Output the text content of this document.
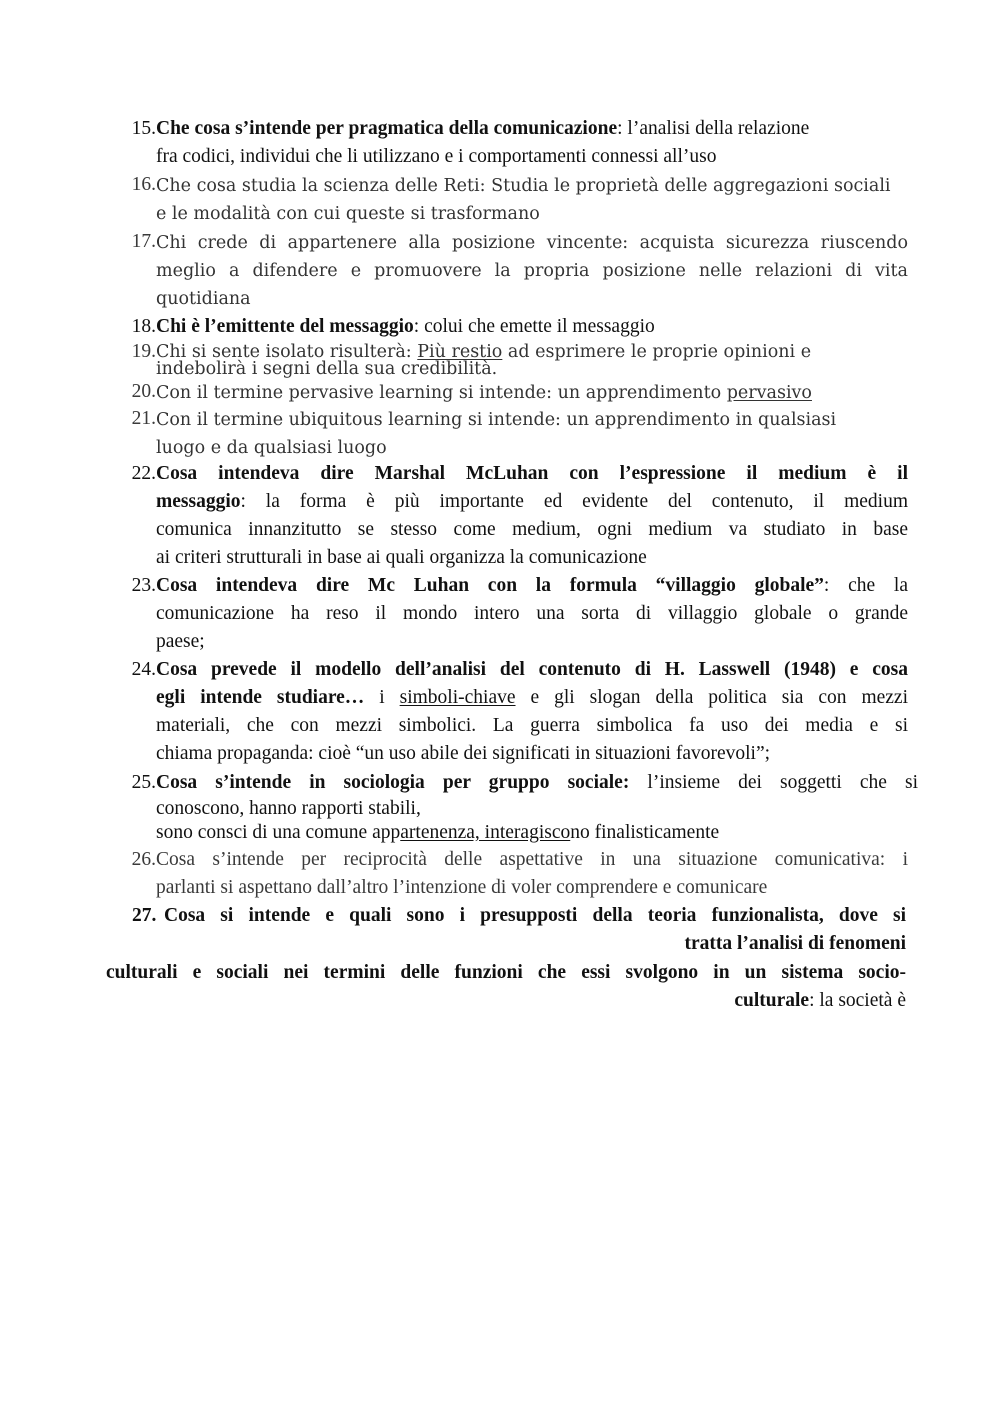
15. Che cosa s’intende per pragmatica della comunicazione: l’analisi della relazione
fra codici, individui che li utilizzano e i comportamenti connessi all’uso
16. Che cosa studia la scienza delle Reti: Studia le proprietà delle aggregazioni sociali
e le modalità con cui queste si trasformano
17. Chi crede di appartenere alla posizione vincente: acquista sicurezza riuscendo
meglio a difendere e promuovere la propria posizione nelle relazioni di vita
quotidiana
18. Chi è l’emittente del messaggio: colui che emette il messaggio
19. Chi si sente isolato risulterà: Più restio ad esprimere le proprie opinioni e
indebolirà i segni della sua credibilità.
20. Con il termine pervasive learning si intende: un apprendimento pervasivo
21. Con il termine ubiquitous learning si intende: un apprendimento in qualsiasi
luogo e da qualsiasi luogo
22. Cosa intendeva dire Marshal McLuhan con l’espressione il medium è il
messaggio: la forma è più importante ed evidente del contenuto, il medium
comunica innanzitutto se stesso come medium, ogni medium va studiato in base
ai criteri strutturali in base ai quali organizza la comunicazione
23. Cosa intendeva dire Mc Luhan con la formula “villaggio globale”: che la
comunicazione ha reso il mondo intero una sorta di villaggio globale o grande
paese;
24. Cosa prevede il modello dell’analisi del contenuto di H. Lasswell (1948) e cosa
egli intende studiare… i simboli-chiave e gli slogan della politica sia con mezzi
materiali, che con mezzi simbolici. La guerra simbolica fa uso dei media e si
chiama propaganda: cioè “un uso abile dei significati in situazioni favorevoli”;
25. Cosa s’intende in sociologia per gruppo sociale: l’insieme dei soggetti che si
conoscono, hanno rapporti stabili,
sono consci di una comune appartenenza, interagiscono finalisticamente
26. Cosa s’intende per reciprocità delle aspettative in una situazione comunicativa: i
parlanti si aspettano dall’altro l’intenzione di voler comprendere e comunicare
27. Cosa si intende e quali sono i presupposti della teoria funzionalista, dove si
tratta l’analisi di fenomeni
culturali e sociali nei termini delle funzioni che essi svolgono in un sistema socio-
culturale: la società è
